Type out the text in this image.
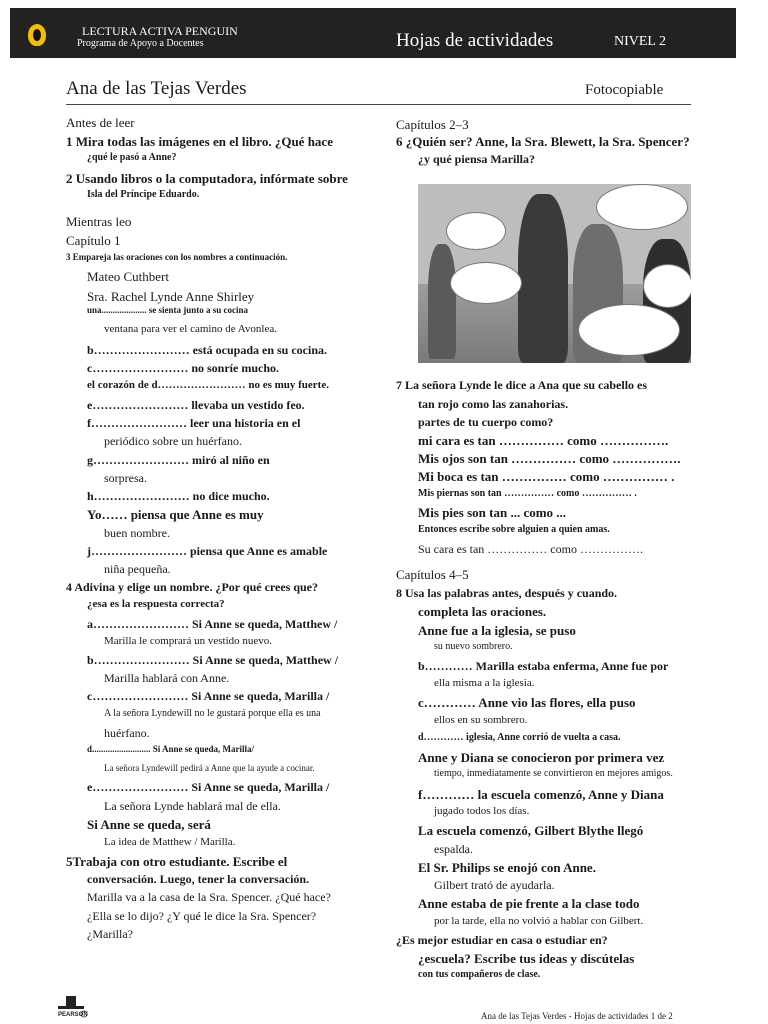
LECTURA ACTIVA PENGUIN
Programa de Apoyo a Docentes	Hojas de actividades	NIVEL 2
Ana de las Tejas Verdes	Fotocopiable
Antes de leer
1 Mira todas las imágenes en el libro. ¿Qué hace
¿qué le pasó a Anne?
2 Usando libros o la computadora, infórmate sobre
Isla del Príncipe Eduardo.
Mientras leo
Capítulo 1
3 Empareja las oraciones con los nombres a continuación.
Mateo Cuthbert
Sra. Rachel Lynde Anne Shirley
una.................... se sienta junto a su cocina
ventana para ver el camino de Avonlea.
b…………………… está ocupada en su cocina.
c…………………… no sonríe mucho.
el corazón de d…………………… no es muy fuerte.
e…………………… llevaba un vestido feo.
f…………………… leer una historia en el
periódico sobre un huérfano.
g…………………… miró al niño en
sorpresa.
h…………………… no dice mucho.
Yo…… piensa que Anne es muy
buen nombre.
j…………………… piensa que Anne es amable
niña pequeña.
4 Adivina y elige un nombre. ¿Por qué crees que?
¿esa es la respuesta correcta?
a…………………… Si Anne se queda, Matthew /
Marilla le comprará un vestido nuevo.
b…………………… Si Anne se queda, Matthew /
Marilla hablará con Anne.
c…………………… Si Anne se queda, Marilla /
A la señora Lyndewill no le gustará porque ella es una
huérfano.
d.......................... Si Anne se queda, Marilla/
La señora Lyndewill pedirá a Anne que la ayude a cocinar.
e…………………… Si Anne se queda, Marilla /
La señora Lynde hablará mal de ella.
Si Anne se queda, será
La idea de Matthew / Marilla.
5Trabaja con otro estudiante. Escribe el
conversación. Luego, tener la conversación.
Marilla va a la casa de la Sra. Spencer. ¿Qué hace?
¿Ella se lo dijo? ¿Y qué le dice la Sra. Spencer?
¿Marilla?
Capítulos 2–3
6 ¿Quién ser? Anne, la Sra. Blewett, la Sra. Spencer?
¿y qué piensa Marilla?
7 La señora Lynde le dice a Ana que su cabello es
tan rojo como las zanahorias.
partes de tu cuerpo como?
mi cara es tan …………… como …………….
Mis ojos son tan …………… como …………….
Mi boca es tan …………… como …………… .
Mis piernas son tan …………… como …………… .
Mis pies son tan ... como ...
Entonces escribe sobre alguien a quien amas.
Su cara es tan …………… como …………….
Capítulos 4–5
8 Usa las palabras antes, después y cuando.
completa las oraciones.
Anne fue a la iglesia, se puso
su nuevo sombrero.
b………… Marilla estaba enferma, Anne fue por
ella misma a la iglesia.
c………… Anne vio las flores, ella puso
ellos en su sombrero.
d………… iglesia, Anne corrió de vuelta a casa.
Anne y Diana se conocieron por primera vez
tiempo, inmediatamente se convirtieron en mejores amigos.
f………… la escuela comenzó, Anne y Diana
jugado todos los días.
La escuela comenzó, Gilbert Blythe llegó
espalda.
El Sr. Philips se enojó con Anne.
Gilbert trató de ayudarla.
Anne estaba de pie frente a la clase todo
por la tarde, ella no volvió a hablar con Gilbert.
¿Es mejor estudiar en casa o estudiar en?
¿escuela? Escribe tus ideas y discútelas
con tus compañeros de clase.
PEARSON	Ana de las Tejas Verdes - Hojas de actividades 1 de 2
